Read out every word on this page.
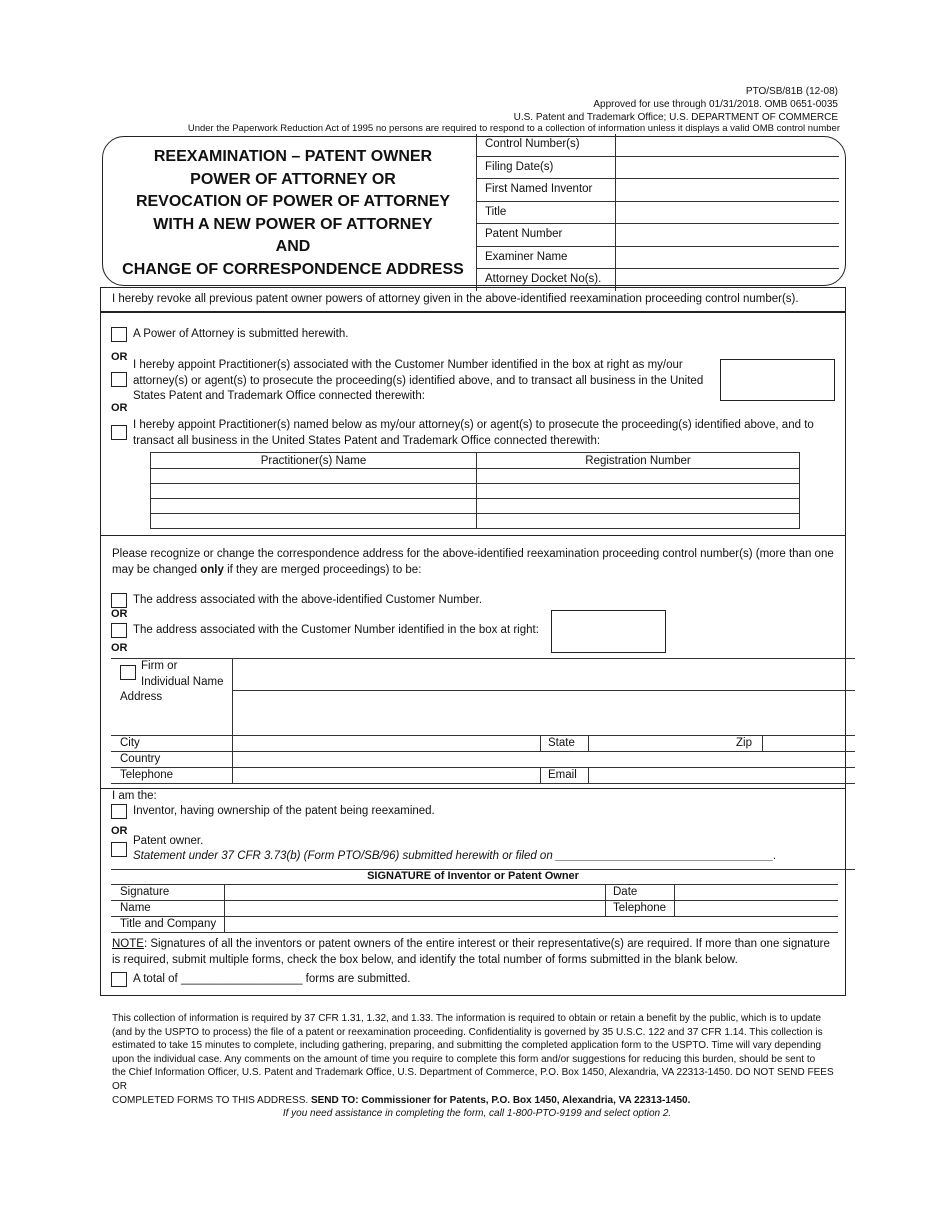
PTO/SB/81B (12-08)
Approved for use through 01/31/2018. OMB 0651-0035
U.S. Patent and Trademark Office; U.S. DEPARTMENT OF COMMERCE
Under the Paperwork Reduction Act of 1995 no persons are required to respond to a collection of information unless it displays a valid OMB control number
REEXAMINATION – PATENT OWNER
POWER OF ATTORNEY OR
REVOCATION OF POWER OF ATTORNEY
WITH A NEW POWER OF ATTORNEY
AND
CHANGE OF CORRESPONDENCE ADDRESS
Control Number(s)
Filing Date(s)
First Named Inventor
Title
Patent Number
Examiner Name
Attorney Docket No(s).
I hereby revoke all previous patent owner powers of attorney given in the above-identified reexamination proceeding control number(s).
A Power of Attorney is submitted herewith.
OR
I hereby appoint Practitioner(s) associated with the Customer Number identified in the box at right as my/our
attorney(s) or agent(s) to prosecute the proceeding(s) identified above, and to transact all business in the United
States Patent and Trademark Office connected therewith:
OR
I hereby appoint Practitioner(s) named below as my/our attorney(s) or agent(s) to prosecute the proceeding(s) identified above, and to
transact all business in the United States Patent and Trademark Office connected therewith:
Practitioner(s) Name	Registration Number

Please recognize or change the correspondence address for the above-identified reexamination proceeding control number(s) (more than one
may be changed only if they are merged proceedings) to be:
The address associated with the above-identified Customer Number.
OR
The address associated with the Customer Number identified in the box at right:
OR
Firm or
Individual Name
Address
City	State	Zip
Country
Telephone	Email
I am the:
Inventor, having ownership of the patent being reexamined.
OR
Patent owner.
Statement under 37 CFR 3.73(b) (Form PTO/SB/96) submitted herewith or filed on __________________________________.
SIGNATURE of Inventor or Patent Owner
Signature	Date
Name	Telephone
Title and Company
NOTE: Signatures of all the inventors or patent owners of the entire interest or their representative(s) are required. If more than one signature
is required, submit multiple forms, check the box below, and identify the total number of forms submitted in the blank below.
A total of ___________________ forms are submitted.
This collection of information is required by 37 CFR 1.31, 1.32, and 1.33. The information is required to obtain or retain a benefit by the public, which is to update
(and by the USPTO to process) the file of a patent or reexamination proceeding. Confidentiality is governed by 35 U.S.C. 122 and 37 CFR 1.14. This collection is
estimated to take 15 minutes to complete, including gathering, preparing, and submitting the completed application form to the USPTO. Time will vary depending
upon the individual case. Any comments on the amount of time you require to complete this form and/or suggestions for reducing this burden, should be sent to
the Chief Information Officer, U.S. Patent and Trademark Office, U.S. Department of Commerce, P.O. Box 1450, Alexandria, VA 22313-1450. DO NOT SEND FEES OR
COMPLETED FORMS TO THIS ADDRESS. SEND TO: Commissioner for Patents, P.O. Box 1450, Alexandria, VA 22313-1450.
If you need assistance in completing the form, call 1-800-PTO-9199 and select option 2.
